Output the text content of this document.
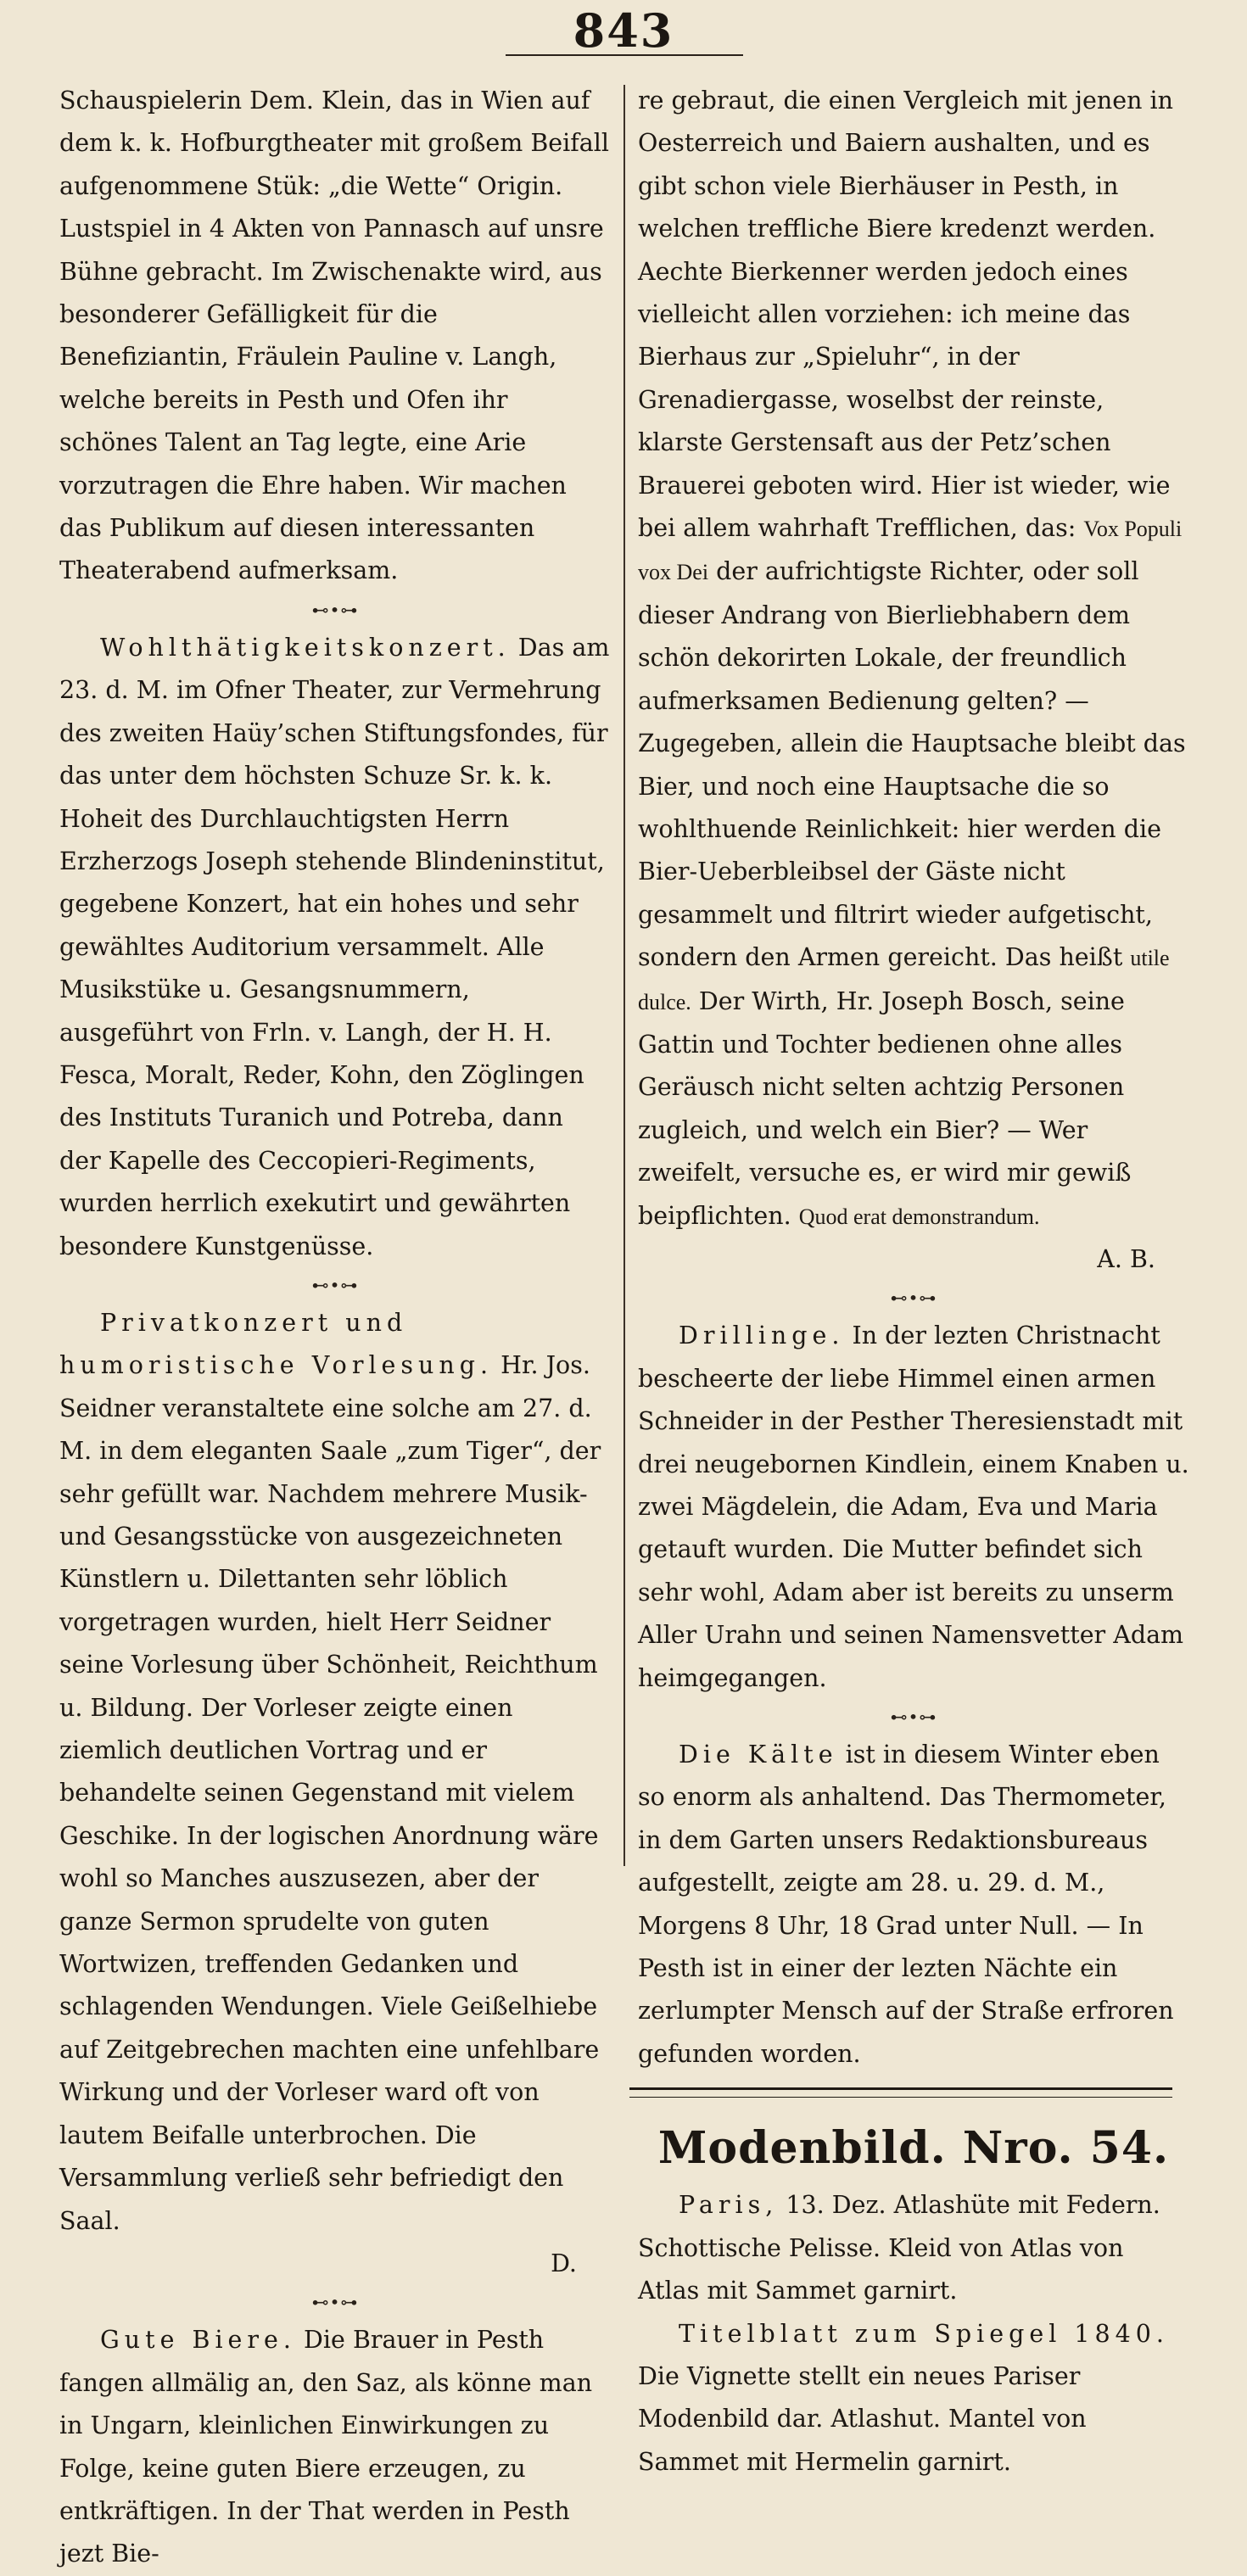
843

Schauspielerin Dem. Klein, das in Wien auf dem k. k. Hofburgtheater mit großem Beifall aufgenommene Stük: „die Wette“ Origin. Lustspiel in 4 Akten von Pannasch auf unsre Bühne gebracht. Im Zwischenakte wird, aus besonderer Gefälligkeit für die Benefiziantin, Fräulein Pauline v. Langh, welche bereits in Pesth und Ofen ihr schönes Talent an Tag legte, eine Arie vorzutragen die Ehre haben. Wir machen das Publikum auf diesen interessanten Theaterabend aufmerksam.

⊷•⊶

Wohlthätigkeitskonzert. Das am 23. d. M. im Ofner Theater, zur Vermehrung des zweiten Haüy’schen Stiftungsfondes, für das unter dem höchsten Schuze Sr. k. k. Hoheit des Durchlauchtigsten Herrn Erzherzogs Joseph stehende Blindeninstitut, gegebene Konzert, hat ein hohes und sehr gewähltes Auditorium versammelt. Alle Musikstüke u. Gesangsnummern, ausgeführt von Frln. v. Langh, der H. H. Fesca, Moralt, Reder, Kohn, den Zöglingen des Instituts Turanich und Potreba, dann der Kapelle des Ceccopieri-Regiments, wurden herrlich exekutirt und gewährten besondere Kunstgenüsse.

⊷•⊶

Privatkonzert und humoristische Vorlesung. Hr. Jos. Seidner veranstaltete eine solche am 27. d. M. in dem eleganten Saale „zum Tiger“, der sehr gefüllt war. Nachdem mehrere Musik- und Gesangsstücke von ausgezeichneten Künstlern u. Dilettanten sehr löblich vorgetragen wurden, hielt Herr Seidner seine Vorlesung über Schönheit, Reichthum u. Bildung. Der Vorleser zeigte einen ziemlich deutlichen Vortrag und er behandelte seinen Gegenstand mit vielem Geschike. In der logischen Anordnung wäre wohl so Manches auszusezen, aber der ganze Sermon sprudelte von guten Wortwizen, treffenden Gedanken und schlagenden Wendungen. Viele Geißelhiebe auf Zeitgebrechen machten eine unfehlbare Wirkung und der Vorleser ward oft von lautem Beifalle unterbrochen. Die Versammlung verließ sehr befriedigt den Saal.

D.

⊷•⊶

Gute Biere. Die Brauer in Pesth fangen allmälig an, den Saz, als könne man in Ungarn, kleinlichen Einwirkungen zu Folge, keine guten Biere erzeugen, zu entkräftigen. In der That werden in Pesth jezt Bie-

re gebraut, die einen Vergleich mit jenen in Oesterreich und Baiern aushalten, und es gibt schon viele Bierhäuser in Pesth, in welchen treffliche Biere kredenzt werden. Aechte Bierkenner werden jedoch eines vielleicht allen vorziehen: ich meine das Bierhaus zur „Spieluhr“, in der Grenadiergasse, woselbst der reinste, klarste Gerstensaft aus der Petz’schen Brauerei geboten wird. Hier ist wieder, wie bei allem wahrhaft Trefflichen, das: Vox Populi vox Dei der aufrichtigste Richter, oder soll dieser Andrang von Bierliebhabern dem schön dekorirten Lokale, der freundlich aufmerksamen Bedienung gelten? — Zugegeben, allein die Hauptsache bleibt das Bier, und noch eine Hauptsache die so wohlthuende Reinlichkeit: hier werden die Bier-Ueberbleibsel der Gäste nicht gesammelt und filtrirt wieder aufgetischt, sondern den Armen gereicht. Das heißt utile dulce. Der Wirth, Hr. Joseph Bosch, seine Gattin und Tochter bedienen ohne alles Geräusch nicht selten achtzig Personen zugleich, und welch ein Bier? — Wer zweifelt, versuche es, er wird mir gewiß beipflichten. Quod erat demonstrandum.

A. B.

⊷•⊶

Drillinge. In der lezten Christnacht bescheerte der liebe Himmel einen armen Schneider in der Pesther Theresienstadt mit drei neugebornen Kindlein, einem Knaben u. zwei Mägdelein, die Adam, Eva und Maria getauft wurden. Die Mutter befindet sich sehr wohl, Adam aber ist bereits zu unserm Aller Urahn und seinen Namensvetter Adam heimgegangen.

⊷•⊶

Die Kälte ist in diesem Winter eben so enorm als anhaltend. Das Thermometer, in dem Garten unsers Redaktionsbureaus aufgestellt, zeigte am 28. u. 29. d. M., Morgens 8 Uhr, 18 Grad unter Null. — In Pesth ist in einer der lezten Nächte ein zerlumpter Mensch auf der Straße erfroren gefunden worden.

Modenbild. Nro. 54.

Paris, 13. Dez. Atlashüte mit Federn. Schottische Pelisse. Kleid von Atlas von Atlas mit Sammet garnirt.

Titelblatt zum Spiegel 1840. Die Vignette stellt ein neues Pariser Modenbild dar. Atlashut. Mantel von Sammet mit Hermelin garnirt.
